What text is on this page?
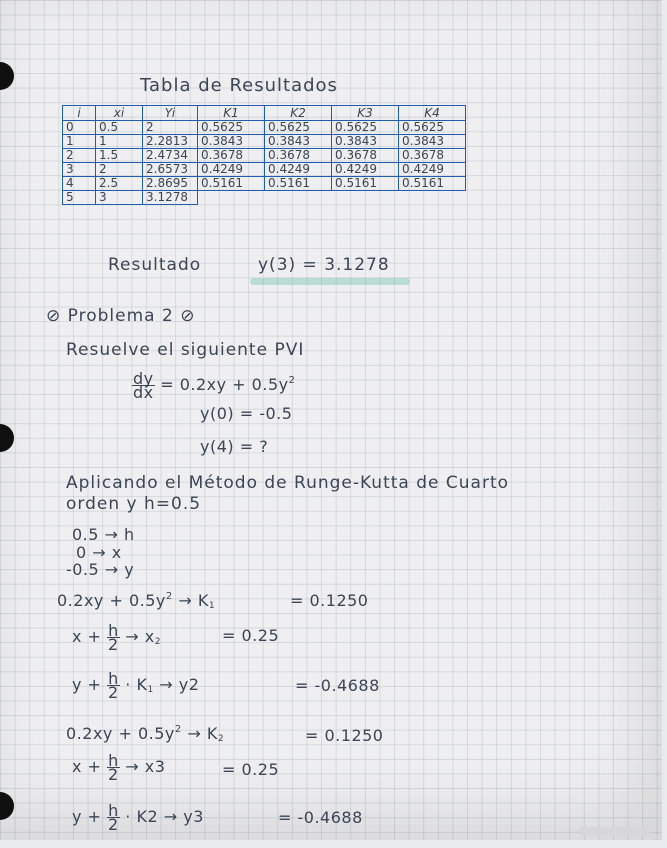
Tabla de Resultados
i	xi	Yi	K1	K2	K3	K4
0	0.5	2	0.5625	0.5625	0.5625	0.5625
1	1	2.2813	0.3843	0.3843	0.3843	0.3843
2	1.5	2.4734	0.3678	0.3678	0.3678	0.3678
3	2	2.6573	0.4249	0.4249	0.4249	0.4249
4	2.5	2.8695	0.5161	0.5161	0.5161	0.5161
5	3	3.1278				
Resultado	y(3) = 3.1278
⊘ Problema 2 ⊘
Resuelve el siguiente PVI
$\frac{dy}{dx} = 0.2xy + 0.5y^2$
y(0) = -0.5
y(4) = ?
Aplicando el Método de Runge-Kutta de Cuarto
orden y h=0.5
0.5 → h
0 → x
-0.5 → y
$0.2xy + 0.5y^2 \to K_1$	= 0.1250
$x + \frac{h}{2} \to x_2$	= 0.25
$y + \frac{h}{2} \cdot K_1 \to y2$	= -0.4688
$0.2xy + 0.5y^2 \to K_2$	= 0.1250
$x + \frac{h}{2} \to x3$	= 0.25
$y + \frac{h}{2} \cdot K2 \to y3$	= -0.4688
